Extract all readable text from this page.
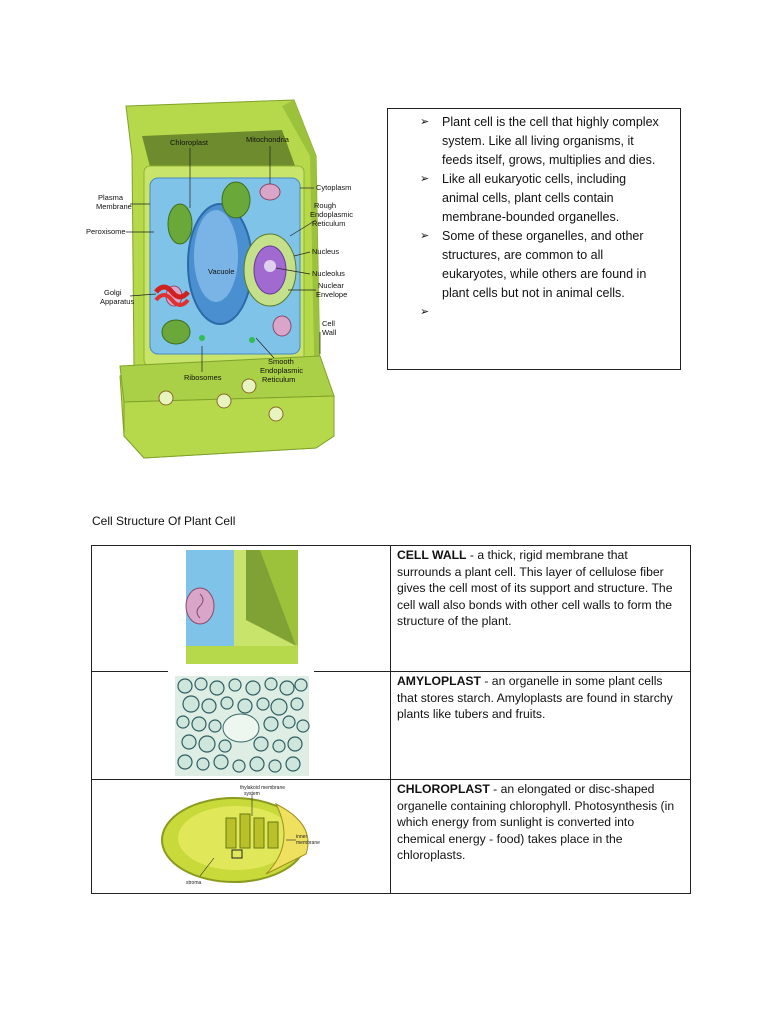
Chloroplast	Mitochondria
Cytoplasm
Plasma
Membrane	Rough
Endoplasmic
Reticulum
Peroxisome
Nucleus
Vacuole	Nucleolus
Golgi
Apparatus
Nuclear
Envelope
Cell
Wall
Ribosomes
Smooth
Endoplasmic
Reticulum
➢ Plant cell is the cell that highly complex
system. Like all living organisms, it
feeds itself, grows, multiplies and dies.
➢ Like all eukaryotic cells, including
animal cells, plant cells contain
membrane-bounded organelles.
➢ Some of these organelles, and other
structures, are common to all
eukaryotes, while others are found in
plant cells but not in animal cells.
➢

Cell Structure Of Plant Cell
	CELL WALL - a thick, rigid membrane that surrounds a plant cell. This layer of cellulose fiber gives the cell most of its support and structure. The cell wall also bonds with other cell walls to form the structure of the plant.

	AMYLOPLAST - an organelle in some plant cells that stores starch. Amyloplasts are found in starchy plants like tubers and fruits.

thylakoid membrane
system
stroma
inner
membrane	CHLOROPLAST - an elongated or disc-shaped organelle containing chlorophyll. Photosynthesis (in which energy from sunlight is converted into chemical energy - food) takes place in the chloroplasts.
